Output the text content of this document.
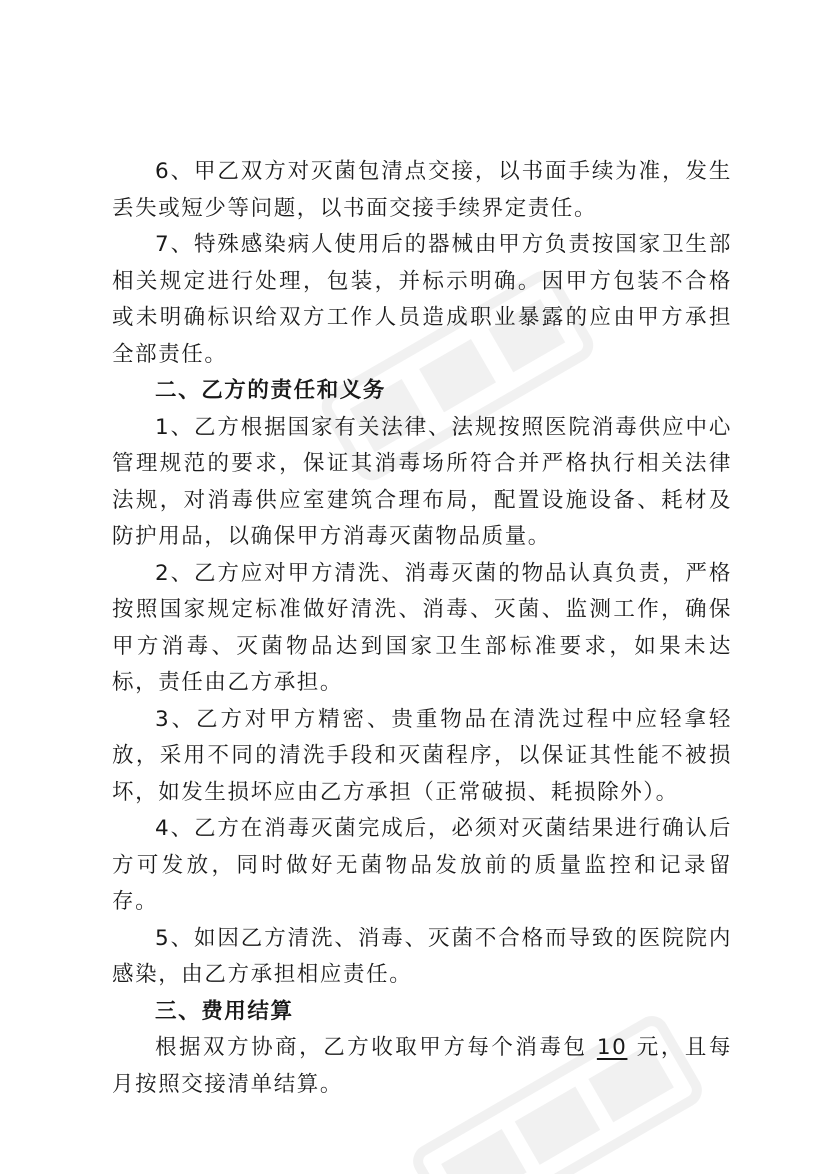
6、甲乙双方对灭菌包清点交接，以书面手续为准，发生丢失或短少等问题，以书面交接手续界定责任。

7、特殊感染病人使用后的器械由甲方负责按国家卫生部相关规定进行处理，包装，并标示明确。因甲方包装不合格或未明确标识给双方工作人员造成职业暴露的应由甲方承担全部责任。

二、乙方的责任和义务

1、乙方根据国家有关法律、法规按照医院消毒供应中心管理规范的要求，保证其消毒场所符合并严格执行相关法律法规，对消毒供应室建筑合理布局，配置设施设备、耗材及防护用品，以确保甲方消毒灭菌物品质量。

2、乙方应对甲方清洗、消毒灭菌的物品认真负责，严格按照国家规定标准做好清洗、消毒、灭菌、监测工作，确保甲方消毒、灭菌物品达到国家卫生部标准要求，如果未达标，责任由乙方承担。

3、乙方对甲方精密、贵重物品在清洗过程中应轻拿轻放，采用不同的清洗手段和灭菌程序，以保证其性能不被损坏，如发生损坏应由乙方承担（正常破损、耗损除外）。

4、乙方在消毒灭菌完成后，必须对灭菌结果进行确认后方可发放，同时做好无菌物品发放前的质量监控和记录留存。

5、如因乙方清洗、消毒、灭菌不合格而导致的医院院内感染，由乙方承担相应责任。

三、费用结算

根据双方协商，乙方收取甲方每个消毒包 10 元，且每月按照交接清单结算。
